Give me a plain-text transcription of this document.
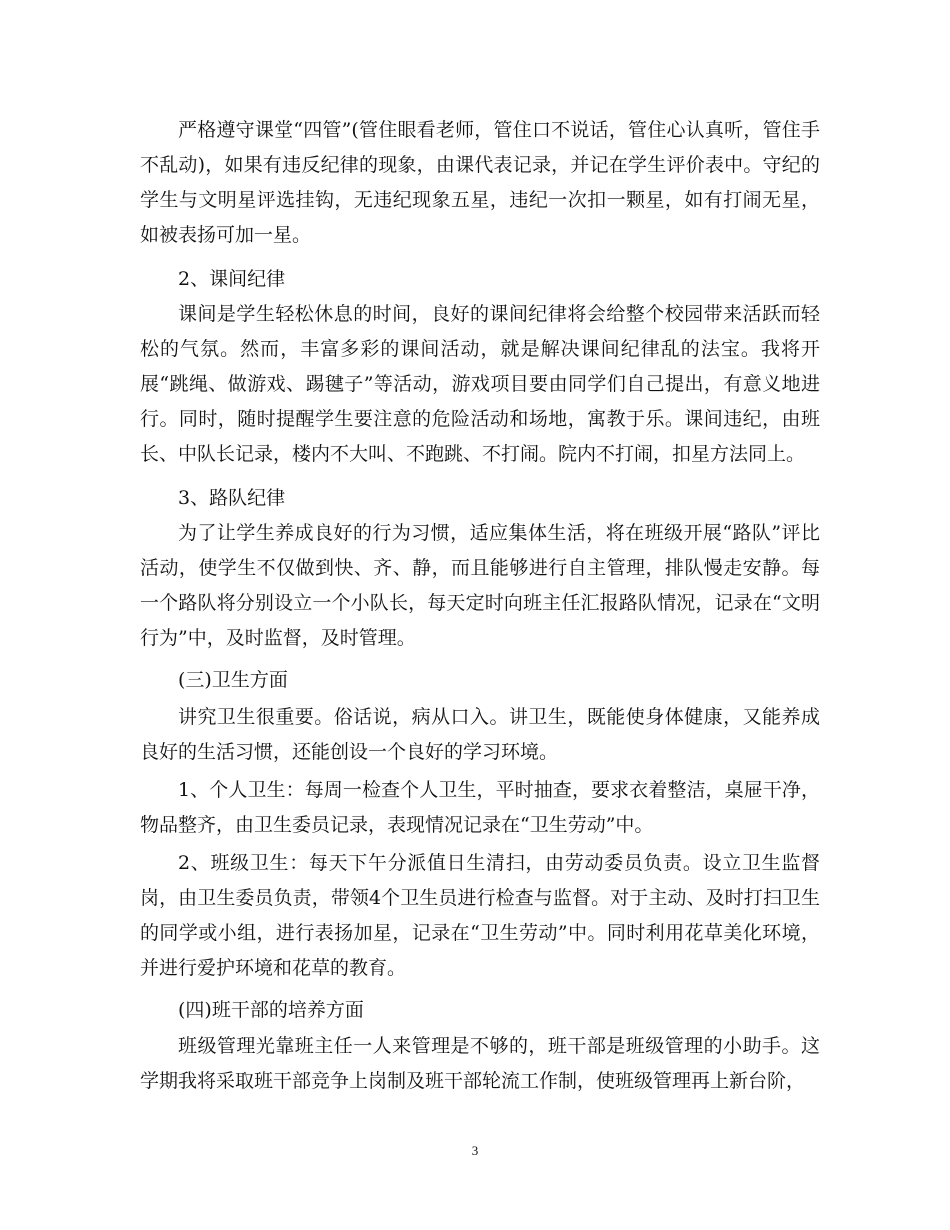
严格遵守课堂“四管”(管住眼看老师，管住口不说话，管住心认真听，管住手不乱动)，如果有违反纪律的现象，由课代表记录，并记在学生评价表中。守纪的学生与文明星评选挂钩，无违纪现象五星，违纪一次扣一颗星，如有打闹无星，如被表扬可加一星。

2、课间纪律

课间是学生轻松休息的时间，良好的课间纪律将会给整个校园带来活跃而轻松的气氛。然而，丰富多彩的课间活动，就是解决课间纪律乱的法宝。我将开展“跳绳、做游戏、踢毽子”等活动，游戏项目要由同学们自己提出，有意义地进行。同时，随时提醒学生要注意的危险活动和场地，寓教于乐。课间违纪，由班长、中队长记录，楼内不大叫、不跑跳、不打闹。院内不打闹，扣星方法同上。

3、路队纪律

为了让学生养成良好的行为习惯，适应集体生活，将在班级开展“路队”评比活动，使学生不仅做到快、齐、静，而且能够进行自主管理，排队慢走安静。每一个路队将分别设立一个小队长，每天定时向班主任汇报路队情况，记录在“文明行为”中，及时监督，及时管理。

(三)卫生方面

讲究卫生很重要。俗话说，病从口入。讲卫生，既能使身体健康，又能养成良好的生活习惯，还能创设一个良好的学习环境。

1、个人卫生：每周一检查个人卫生，平时抽查，要求衣着整洁，桌屉干净，物品整齐，由卫生委员记录，表现情况记录在“卫生劳动”中。

2、班级卫生：每天下午分派值日生清扫，由劳动委员负责。设立卫生监督岗，由卫生委员负责，带领4个卫生员进行检查与监督。对于主动、及时打扫卫生的同学或小组，进行表扬加星，记录在“卫生劳动”中。同时利用花草美化环境，并进行爱护环境和花草的教育。

(四)班干部的培养方面

班级管理光靠班主任一人来管理是不够的，班干部是班级管理的小助手。这学期我将采取班干部竞争上岗制及班干部轮流工作制，使班级管理再上新台阶，

3
